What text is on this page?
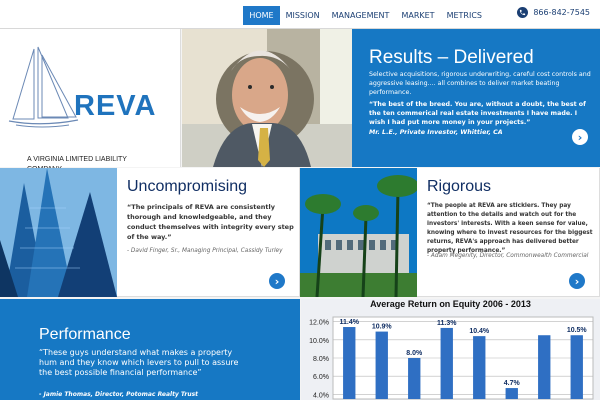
HOME	MISSION	MANAGEMENT	MARKET	METRICS	866-842-7545
REVA
A VIRGINIA LIMITED LIABILITY
Results – Delivered
Selective acquisitions, rigorous underwriting, careful cost controls and aggressive leasing.... all combines to deliver market beating performance.
“The best of the breed. You are, without a doubt, the best of the ten commerical real estate investments I have made. I wish I had put more money in your projects.”
Mr. L.E., Private Investor, Whittier, CA	›
Uncompromising
“The principals of REVA are consistently thorough and knowledgeable, and they conduct themselves with integrity every step of the way.”
- David Finger, Sr., Managing Principal, Cassidy Turley
›
Rigorous
“The people at REVA are sticklers. They pay attention to the details and watch out for the investors' interests. With a keen sense for value, knowing where to invest resources for the biggest returns, REVA's approach has delivered better property performance.”
- Adam Megenity, Director, Commonwealth Commercial
›
Performance
“These guys understand what makes a property hum and they know which levers to pull to assure the best possible financial performance”
- Jamie Thomas, Director, Potomac Realty Trust
Average Return on Equity 2006 - 2013
12.0%
10.0%
8.0%
6.0%
4.0%
11.4%
10.9%
8.0%
11.3%
10.4%
4.7%
10.5%
